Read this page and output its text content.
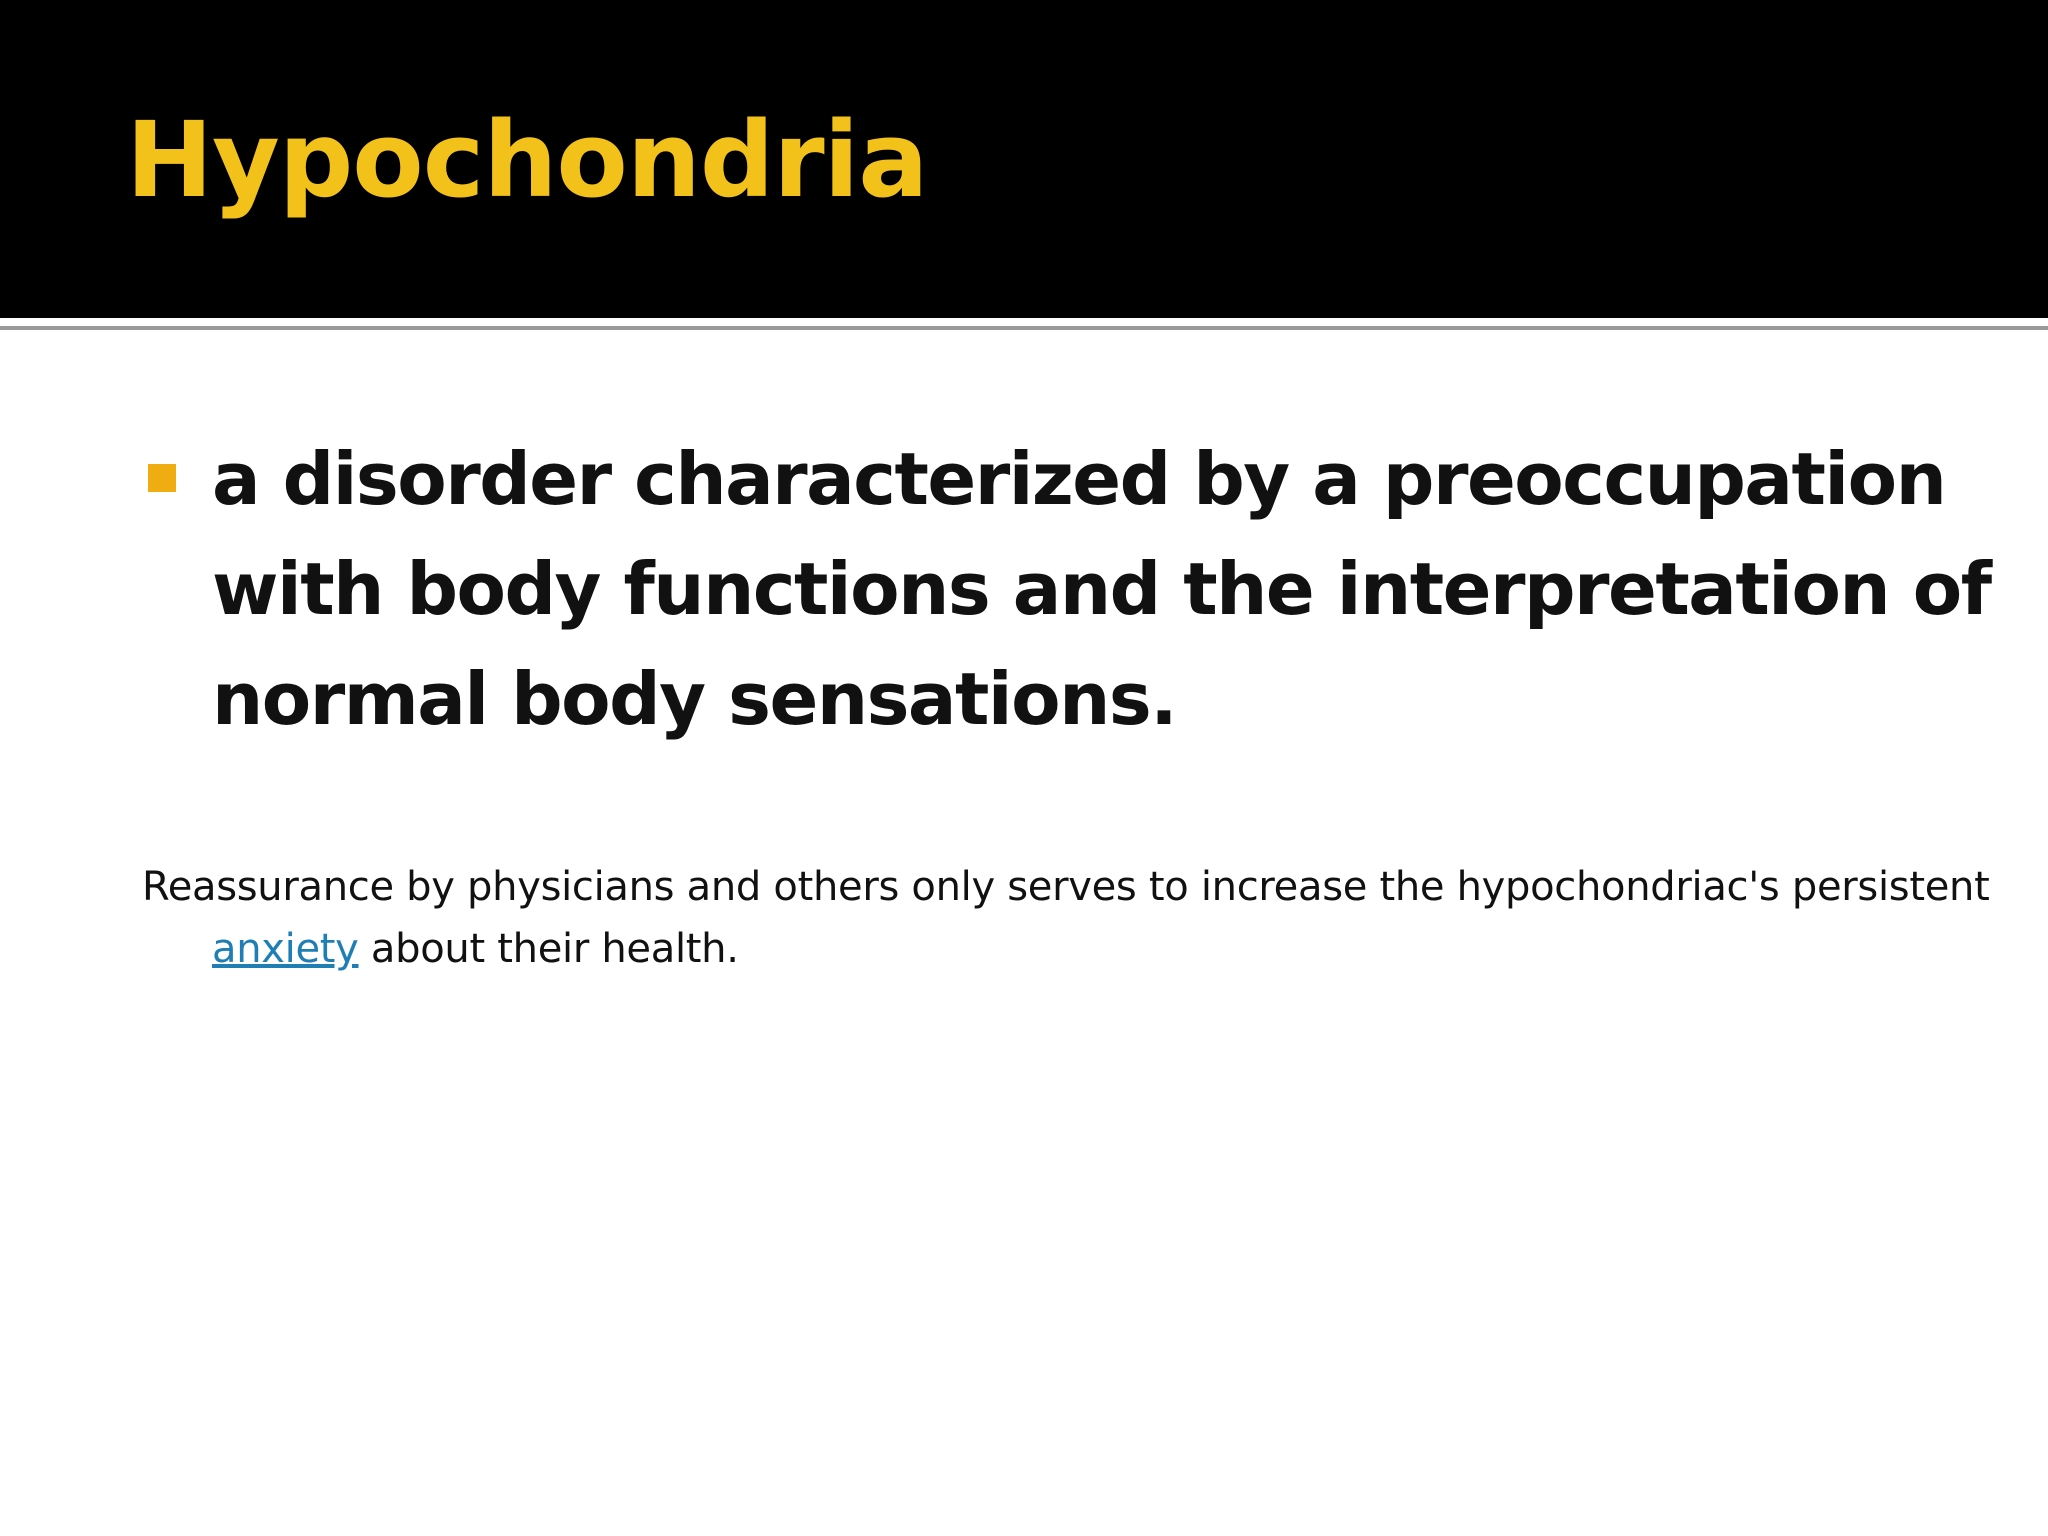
Hypochondria

a disorder characterized by a preoccupation with body functions and the interpretation of normal body sensations.

Reassurance by physicians and others only serves to increase the hypochondriac's persistent anxiety about their health.
